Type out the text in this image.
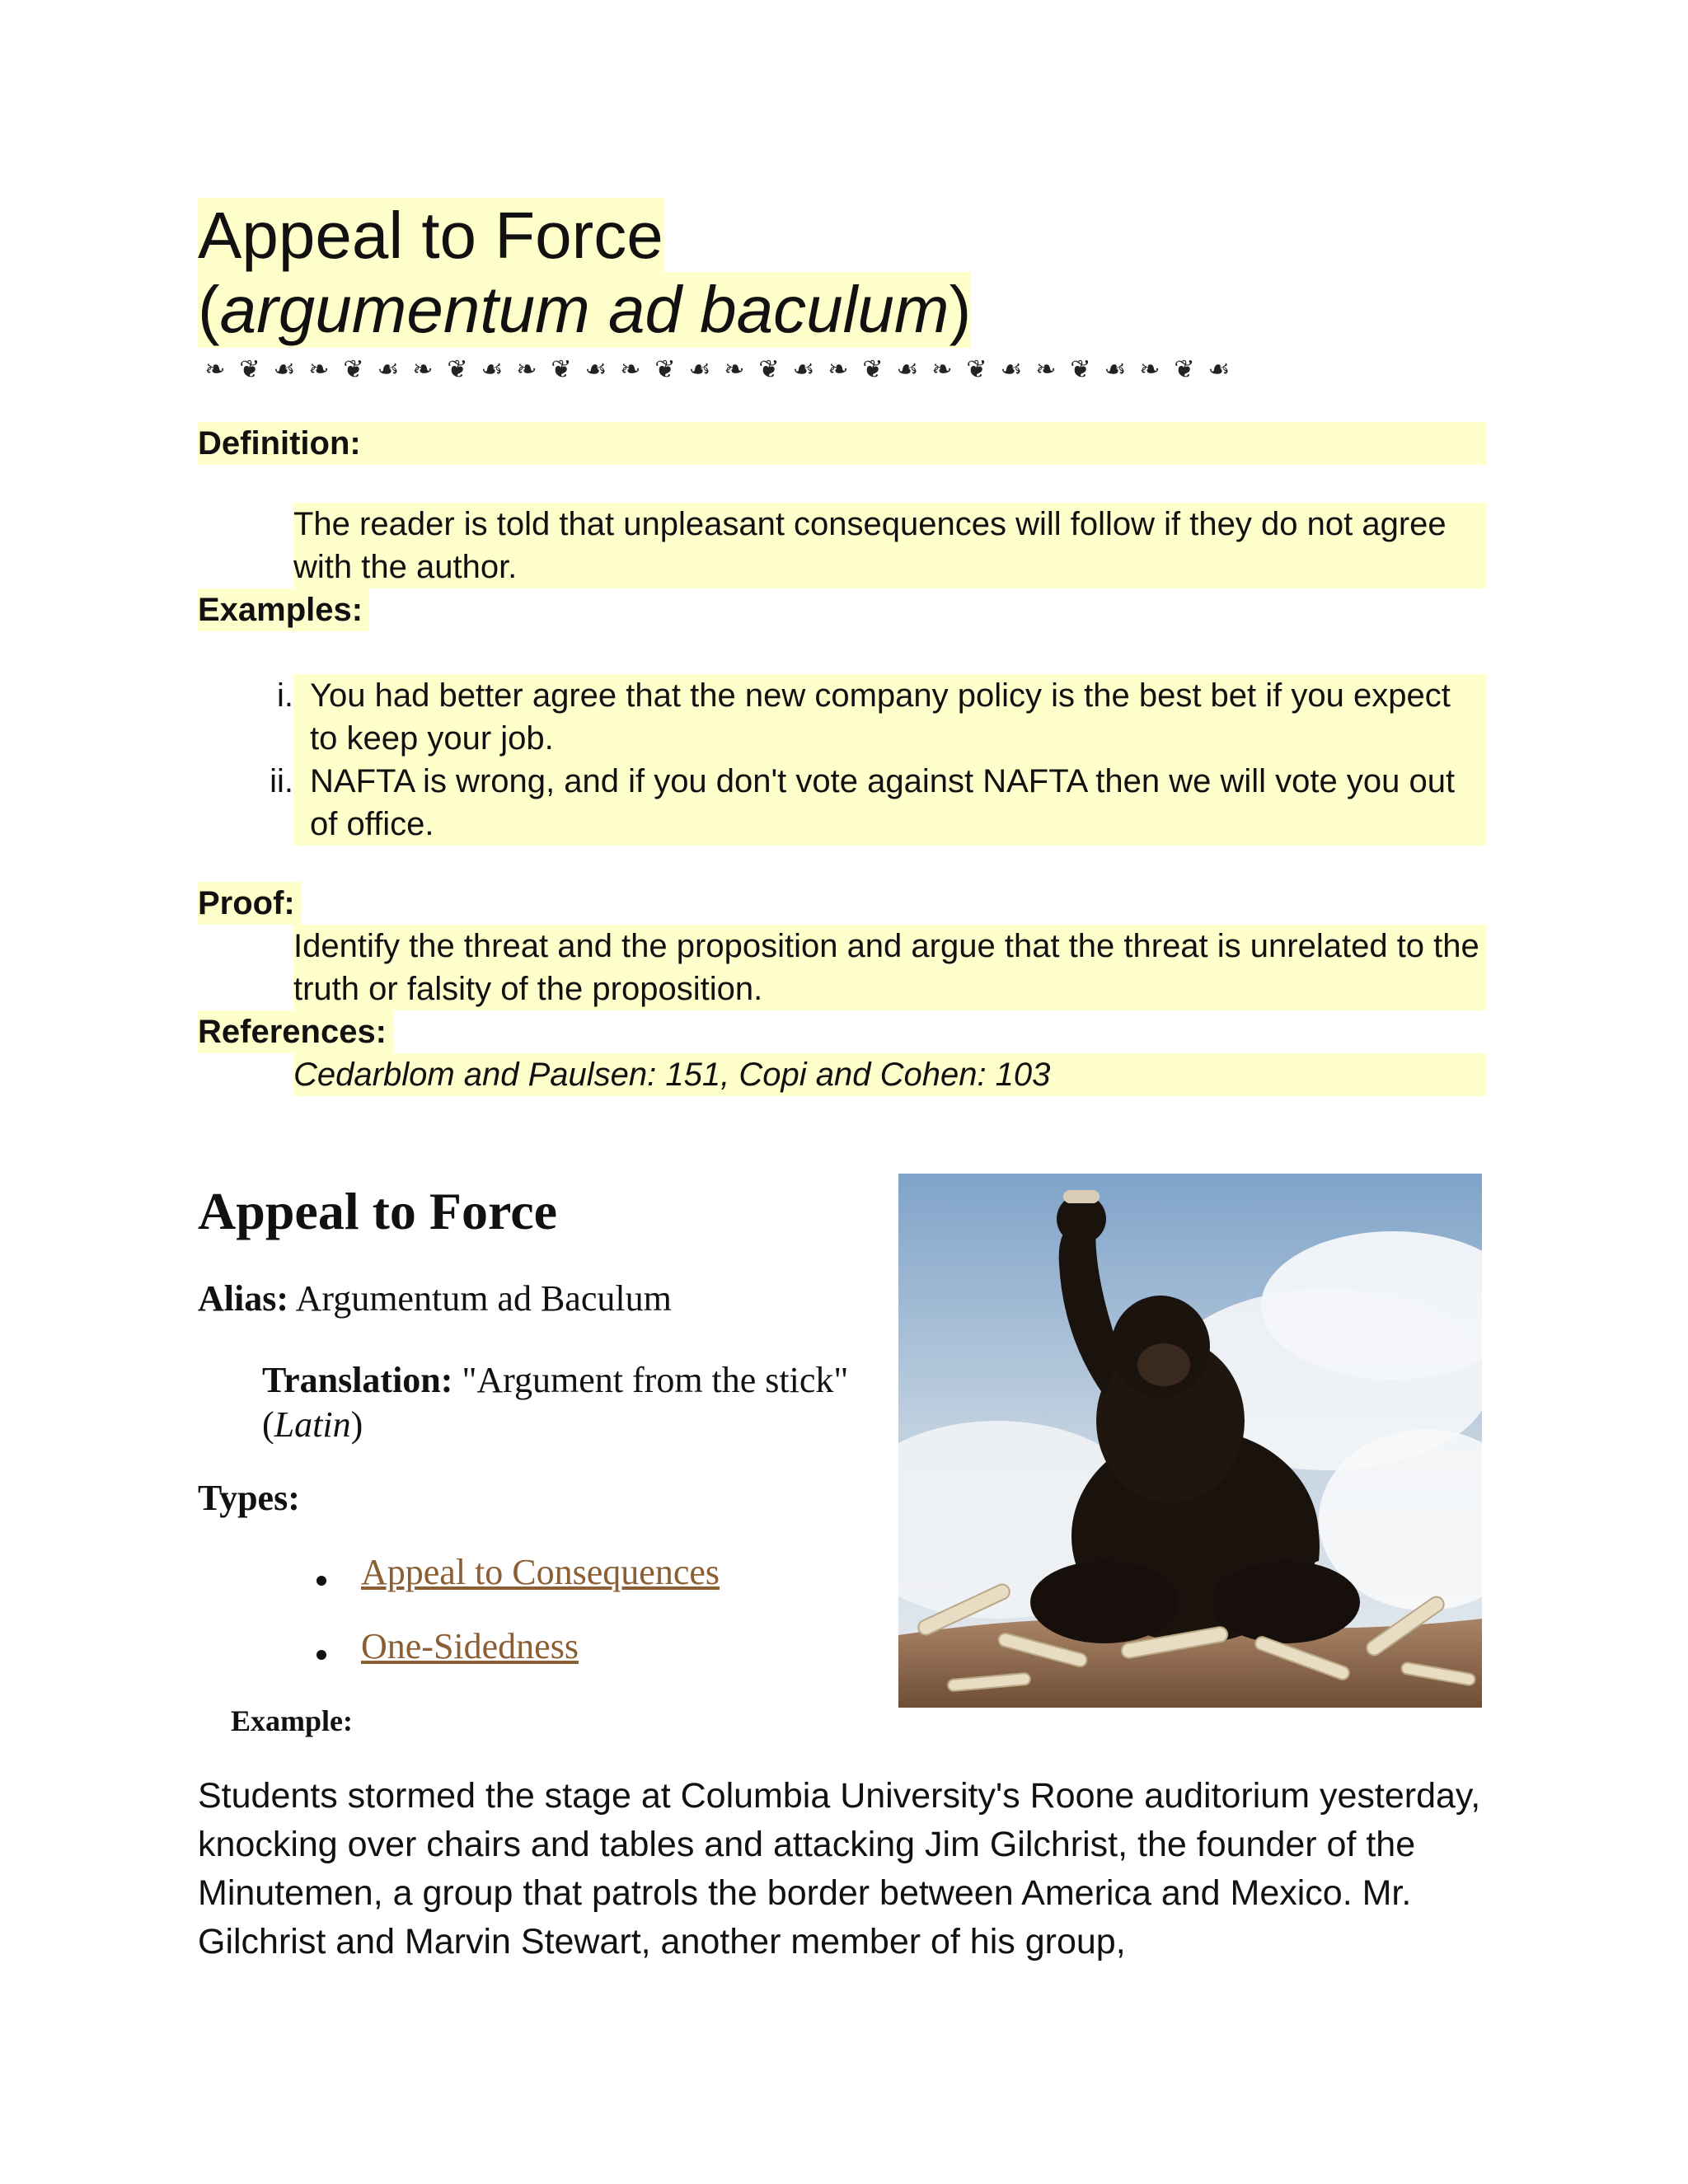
Appeal to Force
(argumentum ad baculum)
❧ ❦ ☙ ❧ ❦ ☙ ❧ ❦ ☙ ❧ ❦ ☙ ❧ ❦ ☙ ❧ ❦ ☙ ❧ ❦ ☙ ❧ ❦ ☙ ❧ ❦ ☙ ❧ ❦ ☙
Definition:
The reader is told that unpleasant consequences will follow if they do not agree with the author.
Examples:
i. You had better agree that the new company policy is the best bet if you expect to keep your job.
ii. NAFTA is wrong, and if you don't vote against NAFTA then we will vote you out of office.
Proof:
Identify the threat and the proposition and argue that the threat is unrelated to the truth or falsity of the proposition.
References:
Cedarblom and Paulsen: 151, Copi and Cohen: 103
Appeal to Force
Alias: Argumentum ad Baculum
Translation: "Argument from the stick" (Latin)
Types:
Appeal to Consequences
One-Sidedness
Example:
Students stormed the stage at Columbia University's Roone auditorium yesterday, knocking over chairs and tables and attacking Jim Gilchrist, the founder of the Minutemen, a group that patrols the border between America and Mexico. Mr. Gilchrist and Marvin Stewart, another member of his group,
